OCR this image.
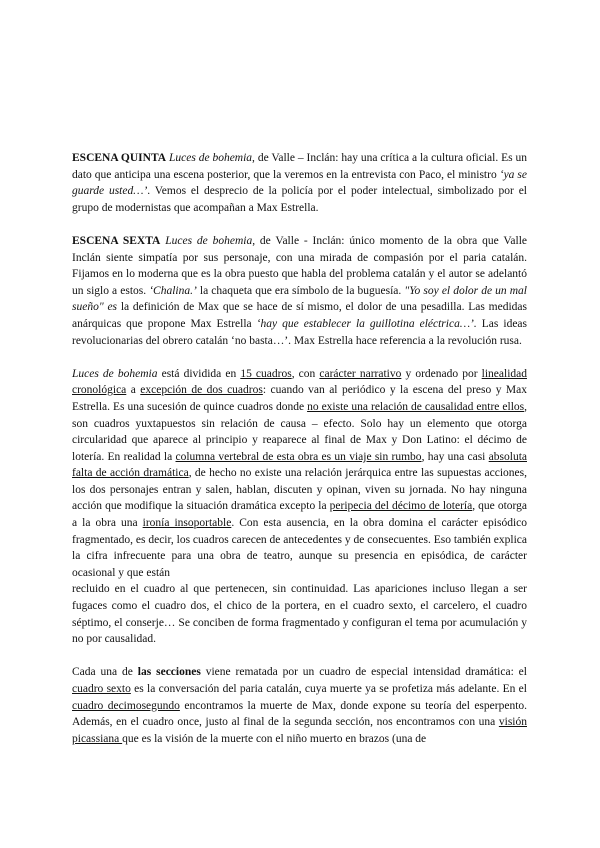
ESCENA QUINTA Luces de bohemia, de Valle – Inclán: hay una crítica a la cultura oficial. Es un dato que anticipa una escena posterior, que la veremos en la entrevista con Paco, el ministro ‘ya se guarde usted…’. Vemos el desprecio de la policía por el poder intelectual, simbolizado por el grupo de modernistas que acompañan a Max Estrella.

ESCENA SEXTA Luces de bohemia, de Valle - Inclán: único momento de la obra que Valle Inclán siente simpatía por sus personaje, con una mirada de compasión por el paria catalán. Fijamos en lo moderna que es la obra puesto que habla del problema catalán y el autor se adelantó un siglo a estos. ‘Chalina.’ la chaqueta que era símbolo de la buguesía. "Yo soy el dolor de un mal sueño" es la definición de Max que se hace de sí mismo, el dolor de una pesadilla. Las medidas anárquicas que propone Max Estrella ‘hay que establecer la guillotina eléctrica…’. Las ideas revolucionarias del obrero catalán ‘no basta…’. Max Estrella hace referencia a la revolución rusa.

Luces de bohemia está dividida en 15 cuadros, con carácter narrativo y ordenado por linealidad cronológica a excepción de dos cuadros: cuando van al periódico y la escena del preso y Max Estrella. Es una sucesión de quince cuadros donde no existe una relación de causalidad entre ellos, son cuadros yuxtapuestos sin relación de causa – efecto. Solo hay un elemento que otorga circularidad que aparece al principio y reaparece al final de Max y Don Latino: el décimo de lotería. En realidad la columna vertebral de esta obra es un viaje sin rumbo, hay una casi absoluta falta de acción dramática, de hecho no existe una relación jerárquica entre las supuestas acciones, los dos personajes entran y salen, hablan, discuten y opinan, viven su jornada. No hay ninguna acción que modifique la situación dramática excepto la peripecia del décimo de lotería, que otorga a la obra una ironía insoportable. Con esta ausencia, en la obra domina el carácter episódico fragmentado, es decir, los cuadros carecen de antecedentes y de consecuentes. Eso también explica la cifra infrecuente para una obra de teatro, aunque su presencia en episódica, de carácter ocasional y que están
recluido en el cuadro al que pertenecen, sin continuidad. Las apariciones incluso llegan a ser fugaces como el cuadro dos, el chico de la portera, en el cuadro sexto, el carcelero, el cuadro séptimo, el conserje… Se conciben de forma fragmentado y configuran el tema por acumulación y no por causalidad.

Cada una de las secciones viene rematada por un cuadro de especial intensidad dramática: el cuadro sexto es la conversación del paria catalán, cuya muerte ya se profetiza más adelante. En el cuadro decimosegundo encontramos la muerte de Max, donde expone su teoría del esperpento. Además, en el cuadro once, justo al final de la segunda sección, nos encontramos con una visión picassiana que es la visión de la muerte con el niño muerto en brazos (una de
